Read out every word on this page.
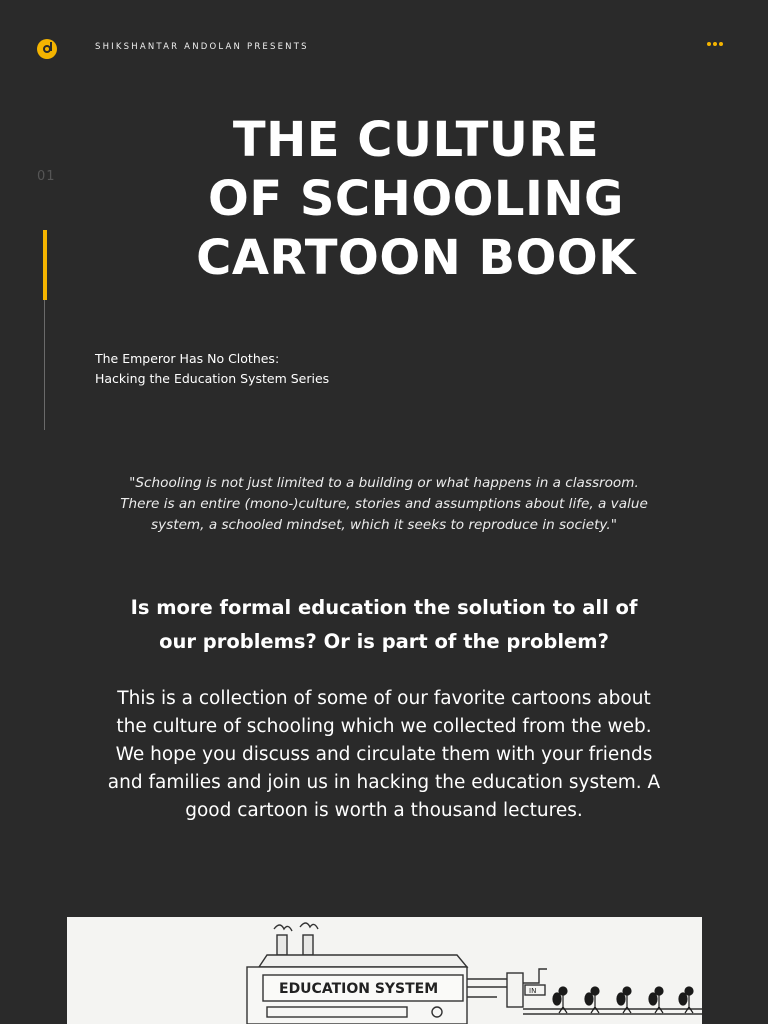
SHIKSHANTAR ANDOLAN PRESENTS
01
THE CULTURE
OF SCHOOLING
CARTOON BOOK
The Emperor Has No Clothes:
Hacking the Education System Series
"Schooling is not just limited to a building or what happens in a classroom.
There is an entire (mono-)culture, stories and assumptions about life, a value
system, a schooled mindset, which it seeks to reproduce in society."
Is more formal education the solution to all of
our problems? Or is part of the problem?
This is a collection of some of our favorite cartoons about
the culture of schooling which we collected from the web.
We hope you discuss and circulate them with your friends
and families and join us in hacking the education system. A
good cartoon is worth a thousand lectures.
EDUCATION SYSTEM	IN
